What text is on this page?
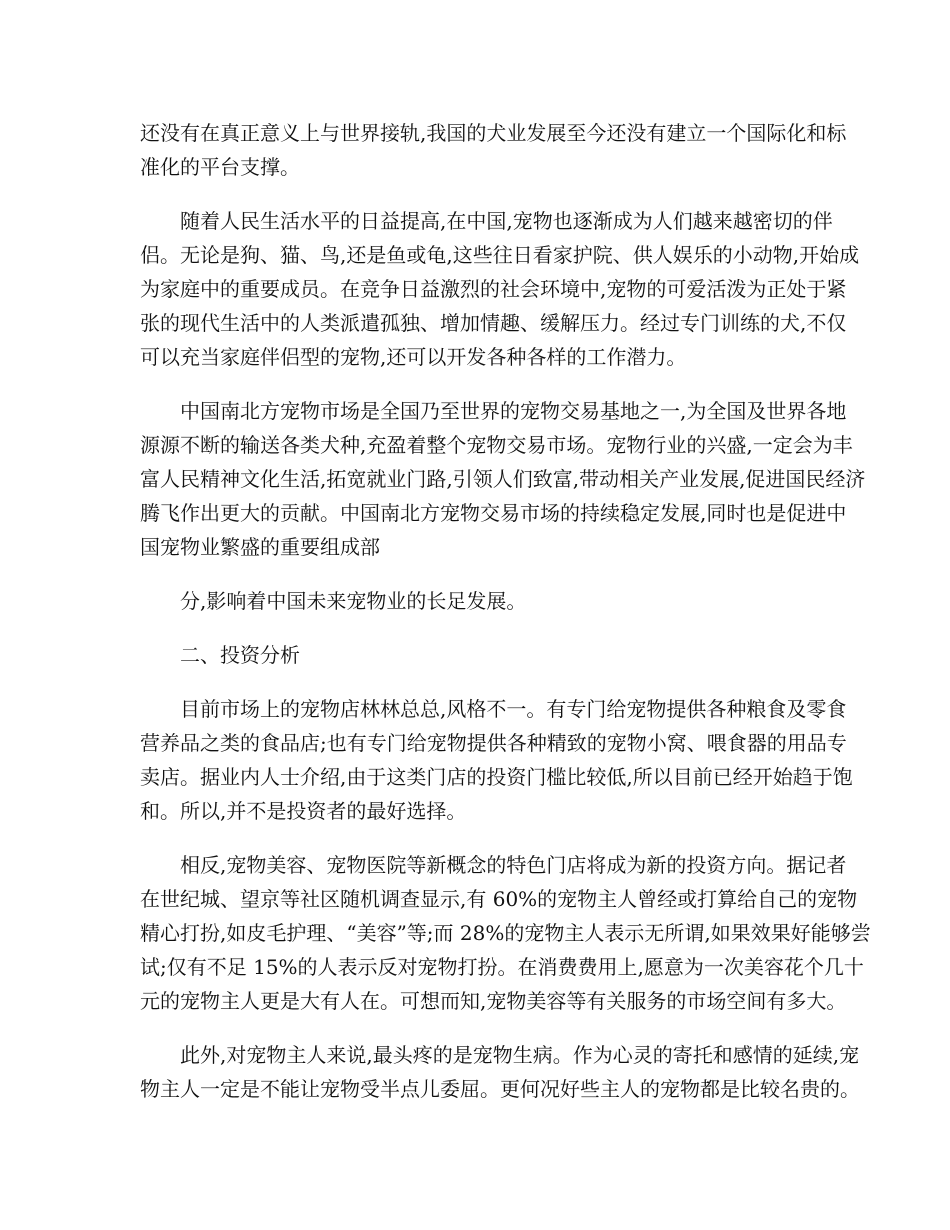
还没有在真正意义上与世界接轨,我国的犬业发展至今还没有建立一个国际化和标
准化的平台支撑。

随着人民生活水平的日益提高,在中国,宠物也逐渐成为人们越来越密切的伴
侣。无论是狗、猫、鸟,还是鱼或龟,这些往日看家护院、供人娱乐的小动物,开始成
为家庭中的重要成员。在竞争日益激烈的社会环境中,宠物的可爱活泼为正处于紧
张的现代生活中的人类派遣孤独、增加情趣、缓解压力。经过专门训练的犬,不仅
可以充当家庭伴侣型的宠物,还可以开发各种各样的工作潜力。

中国南北方宠物市场是全国乃至世界的宠物交易基地之一,为全国及世界各地
源源不断的输送各类犬种,充盈着整个宠物交易市场。宠物行业的兴盛,一定会为丰
富人民精神文化生活,拓宽就业门路,引领人们致富,带动相关产业发展,促进国民经济
腾飞作出更大的贡献。中国南北方宠物交易市场的持续稳定发展,同时也是促进中
国宠物业繁盛的重要组成部

分,影响着中国未来宠物业的长足发展。

二、投资分析

目前市场上的宠物店林林总总,风格不一。有专门给宠物提供各种粮食及零食
营养品之类的食品店;也有专门给宠物提供各种精致的宠物小窝、喂食器的用品专
卖店。据业内人士介绍,由于这类门店的投资门槛比较低,所以目前已经开始趋于饱
和。所以,并不是投资者的最好选择。

相反,宠物美容、宠物医院等新概念的特色门店将成为新的投资方向。据记者
在世纪城、望京等社区随机调查显示,有 60%的宠物主人曾经或打算给自己的宠物
精心打扮,如皮毛护理、“美容”等;而 28%的宠物主人表示无所谓,如果效果好能够尝
试;仅有不足 15%的人表示反对宠物打扮。在消费费用上,愿意为一次美容花个几十
元的宠物主人更是大有人在。可想而知,宠物美容等有关服务的市场空间有多大。

此外,对宠物主人来说,最头疼的是宠物生病。作为心灵的寄托和感情的延续,宠
物主人一定是不能让宠物受半点儿委屈。更何况好些主人的宠物都是比较名贵的。
